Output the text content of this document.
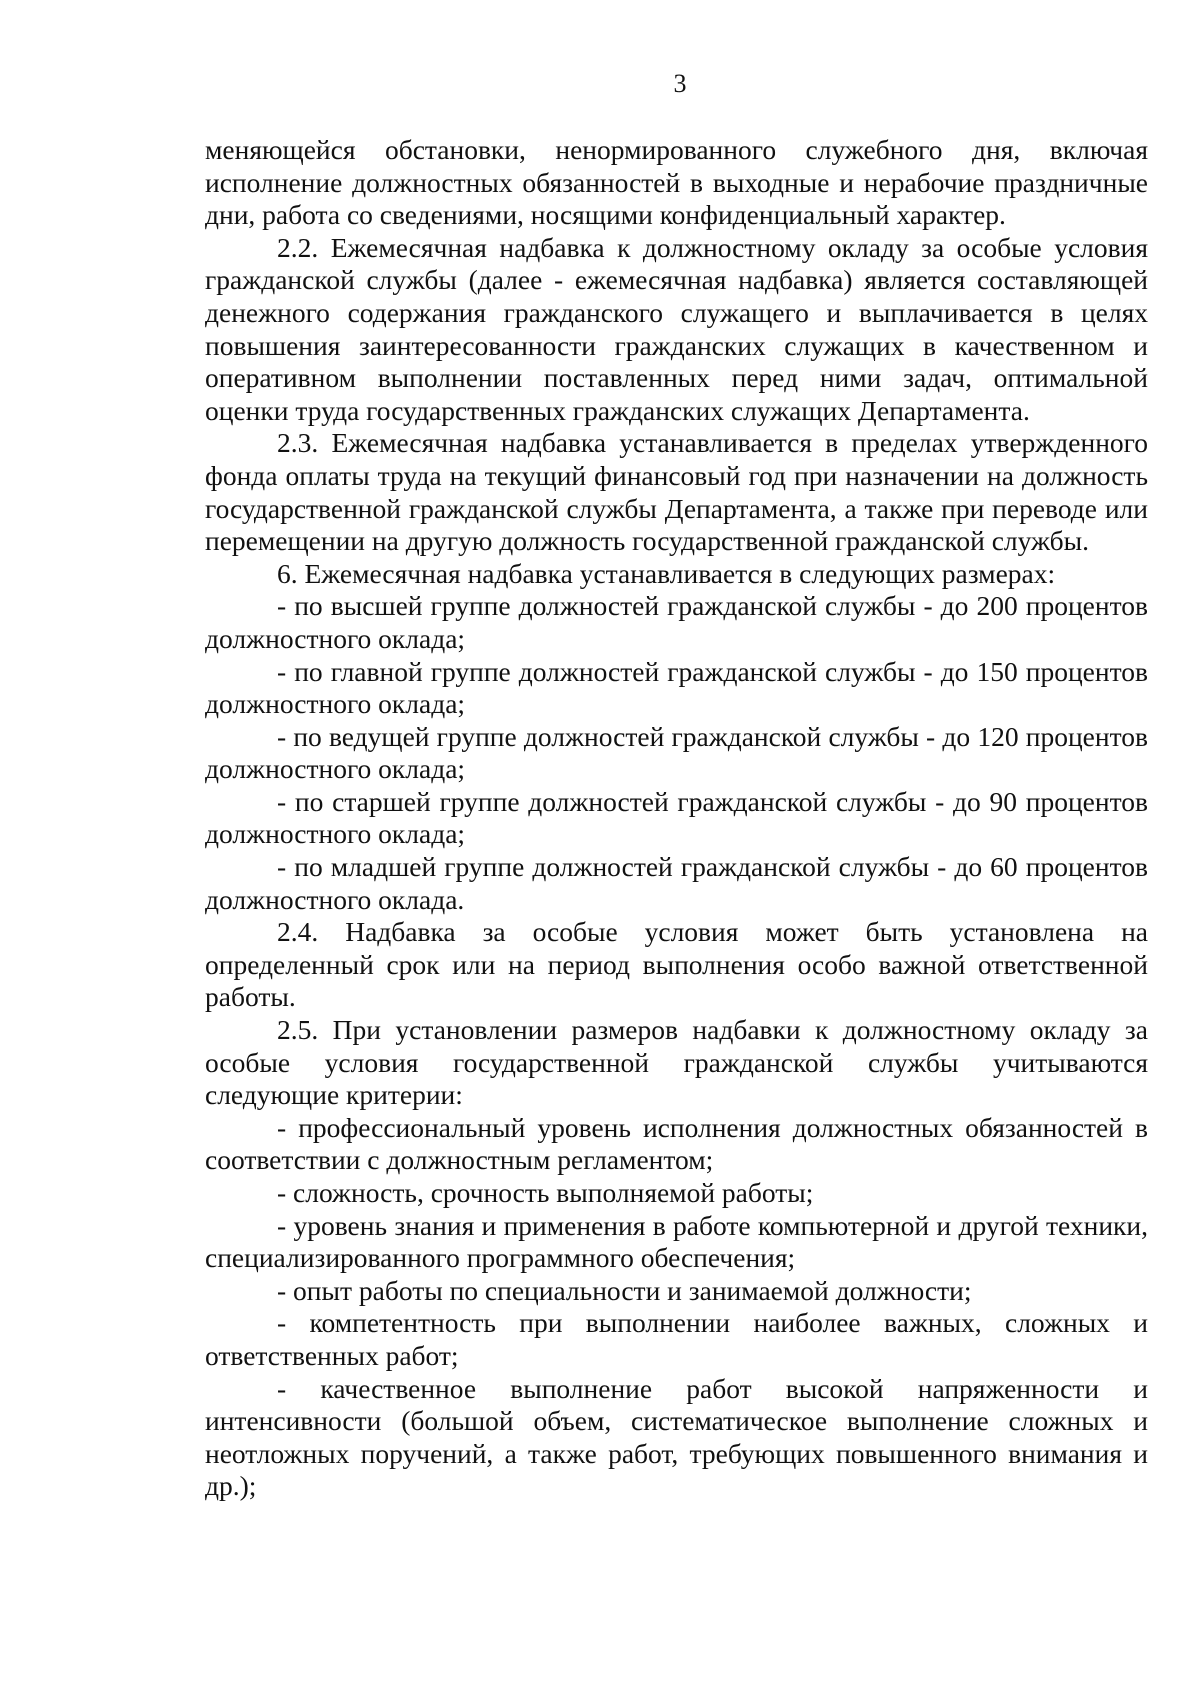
3

меняющейся обстановки, ненормированного служебного дня, включая исполнение должностных обязанностей в выходные и нерабочие праздничные дни, работа со сведениями, носящими конфиденциальный характер.

2.2. Ежемесячная надбавка к должностному окладу за особые условия гражданской службы (далее - ежемесячная надбавка) является составляющей денежного содержания гражданского служащего и выплачивается в целях повышения заинтересованности гражданских служащих в качественном и оперативном выполнении поставленных перед ними задач, оптимальной оценки труда государственных гражданских служащих Департамента.

2.3. Ежемесячная надбавка устанавливается в пределах утвержденного фонда оплаты труда на текущий финансовый год при назначении на должность государственной гражданской службы Департамента, а также при переводе или перемещении на другую должность государственной гражданской службы.

6. Ежемесячная надбавка устанавливается в следующих размерах:

- по высшей группе должностей гражданской службы - до 200 процентов должностного оклада;

- по главной группе должностей гражданской службы - до 150 процентов должностного оклада;

- по ведущей группе должностей гражданской службы - до 120 процентов должностного оклада;

- по старшей группе должностей гражданской службы - до 90 процентов должностного оклада;

- по младшей группе должностей гражданской службы - до 60 процентов должностного оклада.

2.4. Надбавка за особые условия может быть установлена на определенный срок или на период выполнения особо важной ответственной работы.

2.5. При установлении размеров надбавки к должностному окладу за особые условия государственной гражданской службы учитываются следующие критерии:

- профессиональный уровень исполнения должностных обязанностей в соответствии с должностным регламентом;

- сложность, срочность выполняемой работы;

- уровень знания и применения в работе компьютерной и другой техники, специализированного программного обеспечения;

- опыт работы по специальности и занимаемой должности;

- компетентность при выполнении наиболее важных, сложных и ответственных работ;

- качественное выполнение работ высокой напряженности и интенсивности (большой объем, систематическое выполнение сложных и неотложных поручений, а также работ, требующих повышенного внимания и др.);
